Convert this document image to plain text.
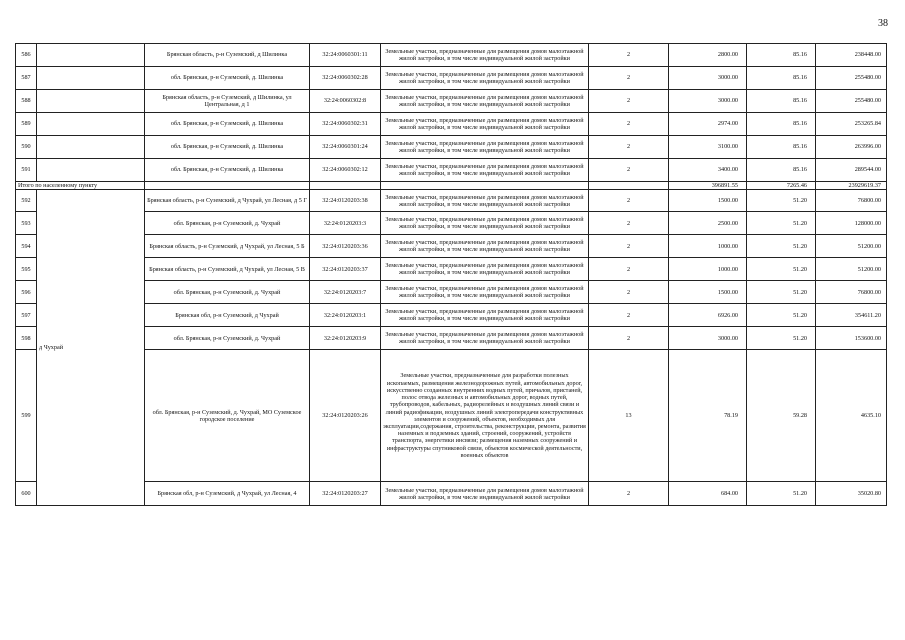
38
586		Брянская область, р-н Суземский, д Шилинка	32:24:0060301:11	Земельные участки, предназначенные для размещения домов малоэтажной жилой застройки, в том числе индивидуальной жилой застройки	2	2800.00	85.16	238448.00
587		обл. Брянская, р-н Суземский, д. Шилинка	32:24:0060302:28	Земельные участки, предназначенные для размещения домов малоэтажной жилой застройки, в том числе индивидуальной жилой застройки	2	3000.00	85.16	255480.00
588		Брянская область, р-н Суземский, д Шилинка, ул Центральная, д 1	32:24:0060302:8	Земельные участки, предназначенные для размещения домов малоэтажной жилой застройки, в том числе индивидуальной жилой застройки	2	3000.00	85.16	255480.00
589		обл. Брянская, р-н Суземский, д. Шилинка	32:24:0060302:31	Земельные участки, предназначенные для размещения домов малоэтажной жилой застройки, в том числе индивидуальной жилой застройки	2	2974.00	85.16	253265.84
590		обл. Брянская, р-н Суземский, д. Шилинка	32:24:0060301:24	Земельные участки, предназначенные для размещения домов малоэтажной жилой застройки, в том числе индивидуальной жилой застройки	2	3100.00	85.16	263996.00
591		обл. Брянская, р-н Суземский, д. Шилинка	32:24:0060302:12	Земельные участки, предназначенные для размещения домов малоэтажной жилой застройки, в том числе индивидуальной жилой застройки	2	3400.00	85.16	289544.00
Итого по населенному пункту						396891.55	7265.46	23929619.37
592	д Чухрай	Брянская область, р-н Суземский, д Чухрай, ул Лесная, д 5 Г	32:24:0120203:38	Земельные участки, предназначенные для размещения домов малоэтажной жилой застройки, в том числе индивидуальной жилой застройки	2	1500.00	51.20	76800.00
593		обл. Брянская, р-н Суземский, д. Чухрай	32:24:0120203:3	Земельные участки, предназначенные для размещения домов малоэтажной жилой застройки, в том числе индивидуальной жилой застройки	2	2500.00	51.20	128000.00
594		Брянская область, р-н Суземский, д Чухрай, ул Лесная, 5 Б	32:24:0120203:36	Земельные участки, предназначенные для размещения домов малоэтажной жилой застройки, в том числе индивидуальной жилой застройки	2	1000.00	51.20	51200.00
595		Брянская область, р-н Суземский, д Чухрай, ул Лесная, 5 В	32:24:0120203:37	Земельные участки, предназначенные для размещения домов малоэтажной жилой застройки, в том числе индивидуальной жилой застройки	2	1000.00	51.20	51200.00
596		обл. Брянская, р-н Суземский, д. Чухрай	32:24:0120203:7	Земельные участки, предназначенные для размещения домов малоэтажной жилой застройки, в том числе индивидуальной жилой застройки	2	1500.00	51.20	76800.00
597		Брянская обл, р-н Суземский, д Чухрай	32:24:0120203:1	Земельные участки, предназначенные для размещения домов малоэтажной жилой застройки, в том числе индивидуальной жилой застройки	2	6926.00	51.20	354611.20
598		обл. Брянская, р-н Суземский, д. Чухрай	32:24:0120203:9	Земельные участки, предназначенные для размещения домов малоэтажной жилой застройки, в том числе индивидуальной жилой застройки	2	3000.00	51.20	153600.00
599		обл. Брянская, р-н Суземский, д. Чухрай, МО Суземское городское поселение	32:24:0120203:26	Земельные участки, предназначенные для разработки полезных ископаемых, размещения железнодорожных путей, автомобильных дорог, искусственно созданных внутренних водных путей, причалов, пристаней, полос отвода железных и автомобильных дорог, водных путей, трубопроводов, кабельных, радиорелейных и воздушных линий связи и линий радиофикации, воздушных линий электропередачи конструктивных элементов и сооружений, объектов, необходимых для эксплуатации,содержания, строительства, реконструкции, ремонта, развития наземных и подземных зданий, строений, сооружений, устройств транспорта, энергетики инсвязи; размещения наземных сооружений и инфраструктуры спутниковой связи, объектов космической деятельности, военных объектов	13	78.19	59.28	4635.10
600		Брянская обл, р-н Суземский, д Чухрай, ул Лесная, 4	32:24:0120203:27	Земельные участки, предназначенные для размещения домов малоэтажной жилой застройки, в том числе индивидуальной жилой застройки	2	684.00	51.20	35020.80
